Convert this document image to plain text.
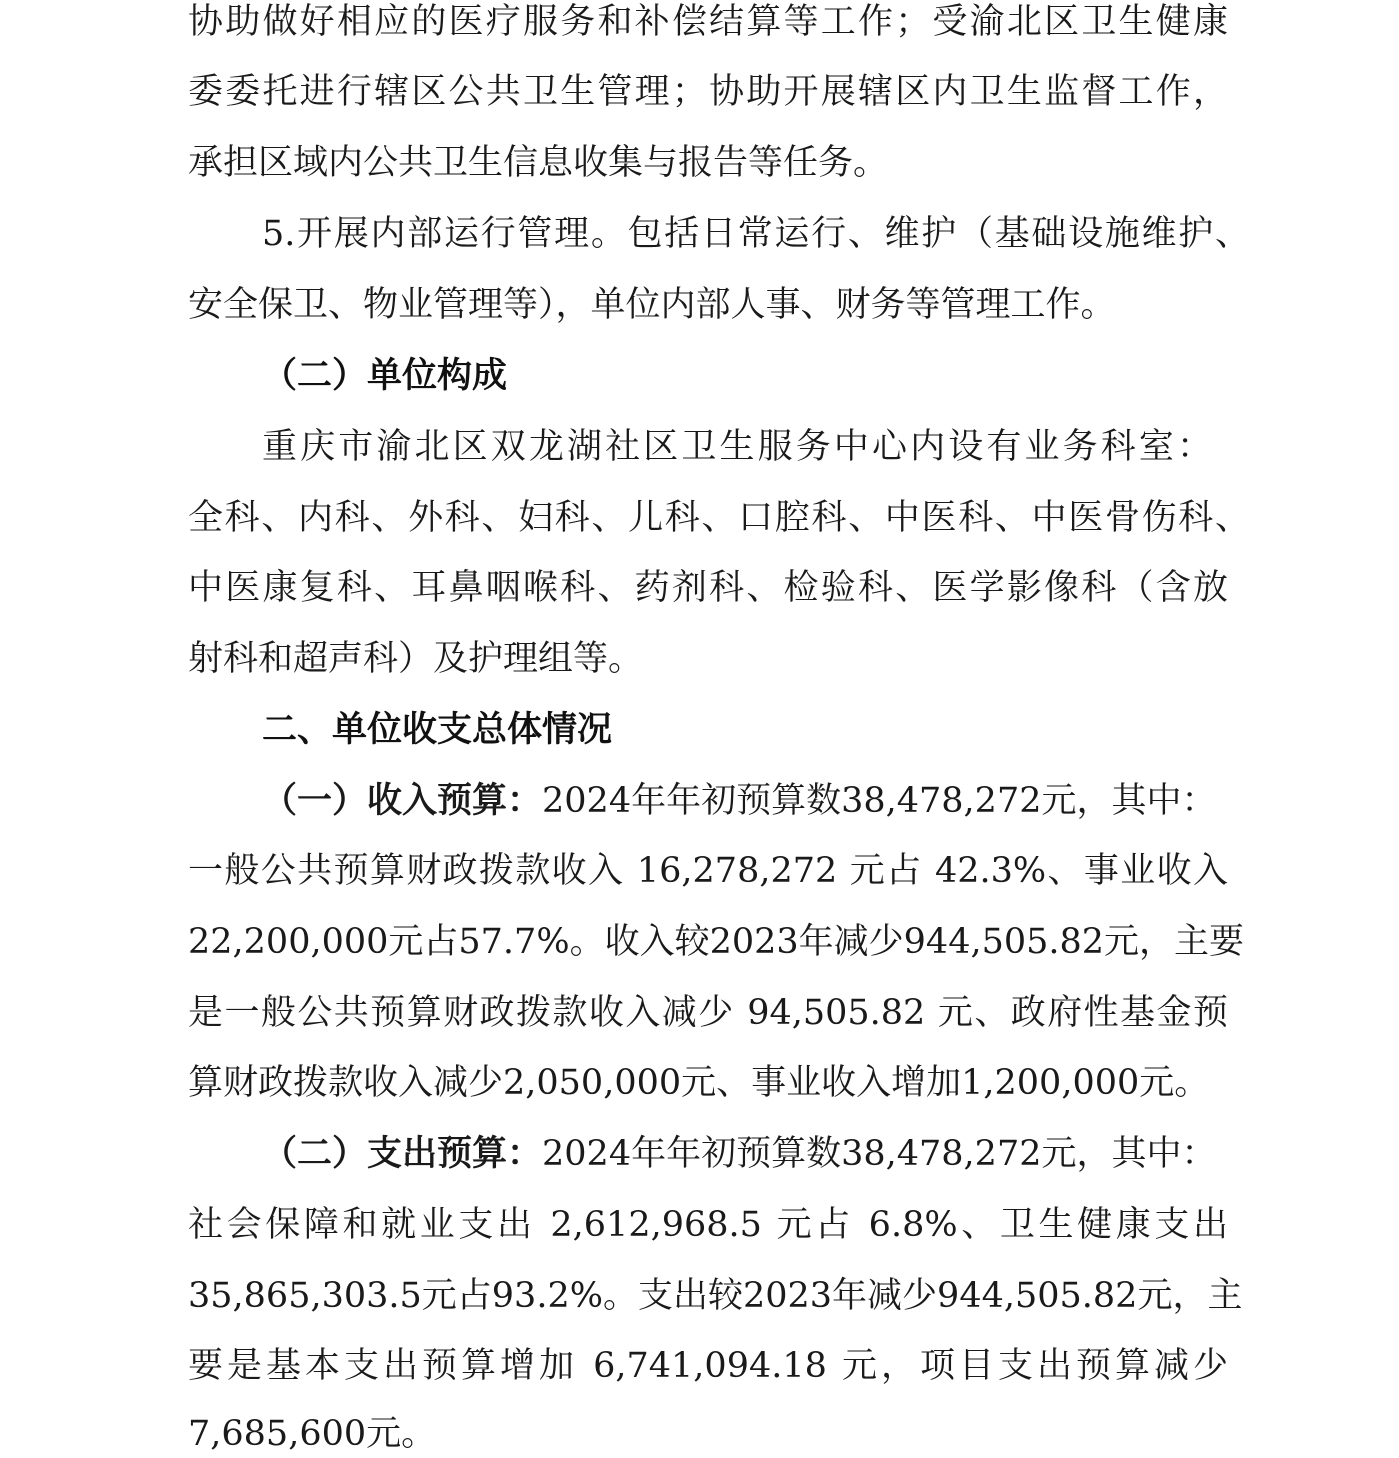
协助做好相应的医疗服务和补偿结算等工作；受渝北区卫生健康
委委托进行辖区公共卫生管理；协助开展辖区内卫生监督工作，
承担区域内公共卫生信息收集与报告等任务。
5.开展内部运行管理。包括日常运行、维护（基础设施维护、
安全保卫、物业管理等），单位内部人事、财务等管理工作。
（二）单位构成
重庆市渝北区双龙湖社区卫生服务中心内设有业务科室：
全科、内科、外科、妇科、儿科、口腔科、中医科、中医骨伤科、
中医康复科、耳鼻咽喉科、药剂科、检验科、医学影像科（含放
射科和超声科）及护理组等。
二、单位收支总体情况
（一）收入预算：2024年年初预算数38,478,272元，其中：
一般公共预算财政拨款收入 16,278,272 元占 42.3%、事业收入
22,200,000元占57.7%。收入较2023年减少944,505.82元，主要
是一般公共预算财政拨款收入减少 94,505.82 元、政府性基金预
算财政拨款收入减少2,050,000元、事业收入增加1,200,000元。
（二）支出预算：2024年年初预算数38,478,272元，其中：
社会保障和就业支出 2,612,968.5 元占 6.8%、卫生健康支出
35,865,303.5元占93.2%。支出较2023年减少944,505.82元，主
要是基本支出预算增加 6,741,094.18 元，项目支出预算减少
7,685,600元。
